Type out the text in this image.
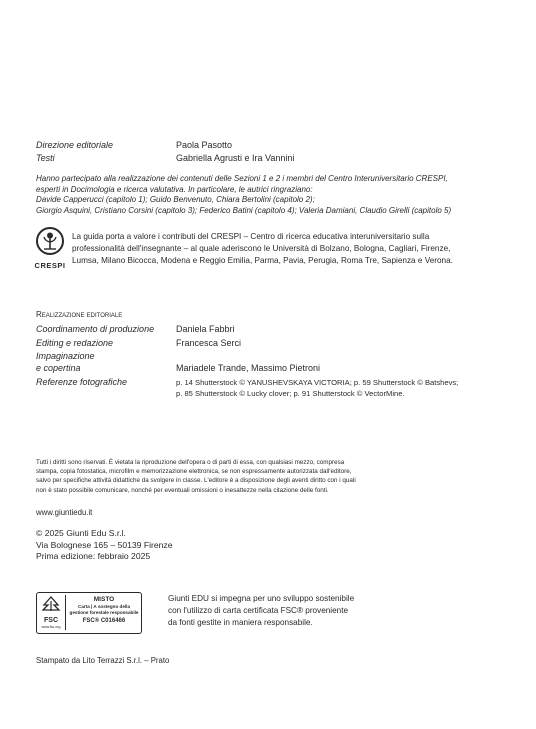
Direzione editoriale	Paola Pasotto
Testi	Gabriella Agrusti e Ira Vannini
Hanno partecipato alla realizzazione dei contenuti delle Sezioni 1 e 2 i membri del Centro Interuniversitario CRESPI,
esperti in Docimologia e ricerca valutativa. In particolare, le autrici ringraziano:
Davide Capperucci (capitolo 1); Guido Benvenuto, Chiara Bertolini (capitolo 2);
Giorgio Asquini, Cristiano Corsini (capitolo 3); Federico Batini (capitolo 4); Valeria Damiani, Claudio Girelli (capitolo 5)
CRESPI
La guida porta a valore i contributi del CRESPI – Centro di ricerca educativa interuniversitario sulla
professionalità dell'insegnante – al quale aderiscono le Università di Bolzano, Bologna, Cagliari, Firenze,
Lumsa, Milano Bicocca, Modena e Reggio Emilia, Parma, Pavia, Perugia, Roma Tre, Sapienza e Verona.
Realizzazione editoriale
Coordinamento di produzione Daniela Fabbri
Editing e redazione	Francesca Serci
Impaginazione
e copertina	Mariadele Trande, Massimo Pietroni
Referenze fotografiche	p. 14 Shutterstock © YANUSHEVSKAYA VICTORIA; p. 59 Shutterstock © Batshevs;
p. 85 Shutterstock © Lucky clover; p. 91 Shutterstock © VectorMine.
Tutti i diritti sono riservati. È vietata la riproduzione dell'opera o di parti di essa, con qualsiasi mezzo, compresa
stampa, copia fotostatica, microfilm e memorizzazione elettronica, se non espressamente autorizzata dall'editore,
salvo per specifiche attività didattiche da svolgere in classe. L'editore è a disposizione degli aventi diritto con i quali
non è stato possibile comunicare, nonché per eventuali omissioni o inesattezze nella citazione delle fonti.
www.giuntiedu.it
© 2025 Giunti Edu S.r.l.
Via Bolognese 165 – 50139 Firenze
Prima edizione: febbraio 2025
FSC
www.fsc.org
MISTO
Carta | A sostegno della
gestione forestale responsabile
FSC® C016466
Giunti EDU si impegna per uno sviluppo sostenibile
con l'utilizzo di carta certificata FSC® proveniente
da fonti gestite in maniera responsabile.
Stampato da Lito Terrazzi S.r.l. – Prato
